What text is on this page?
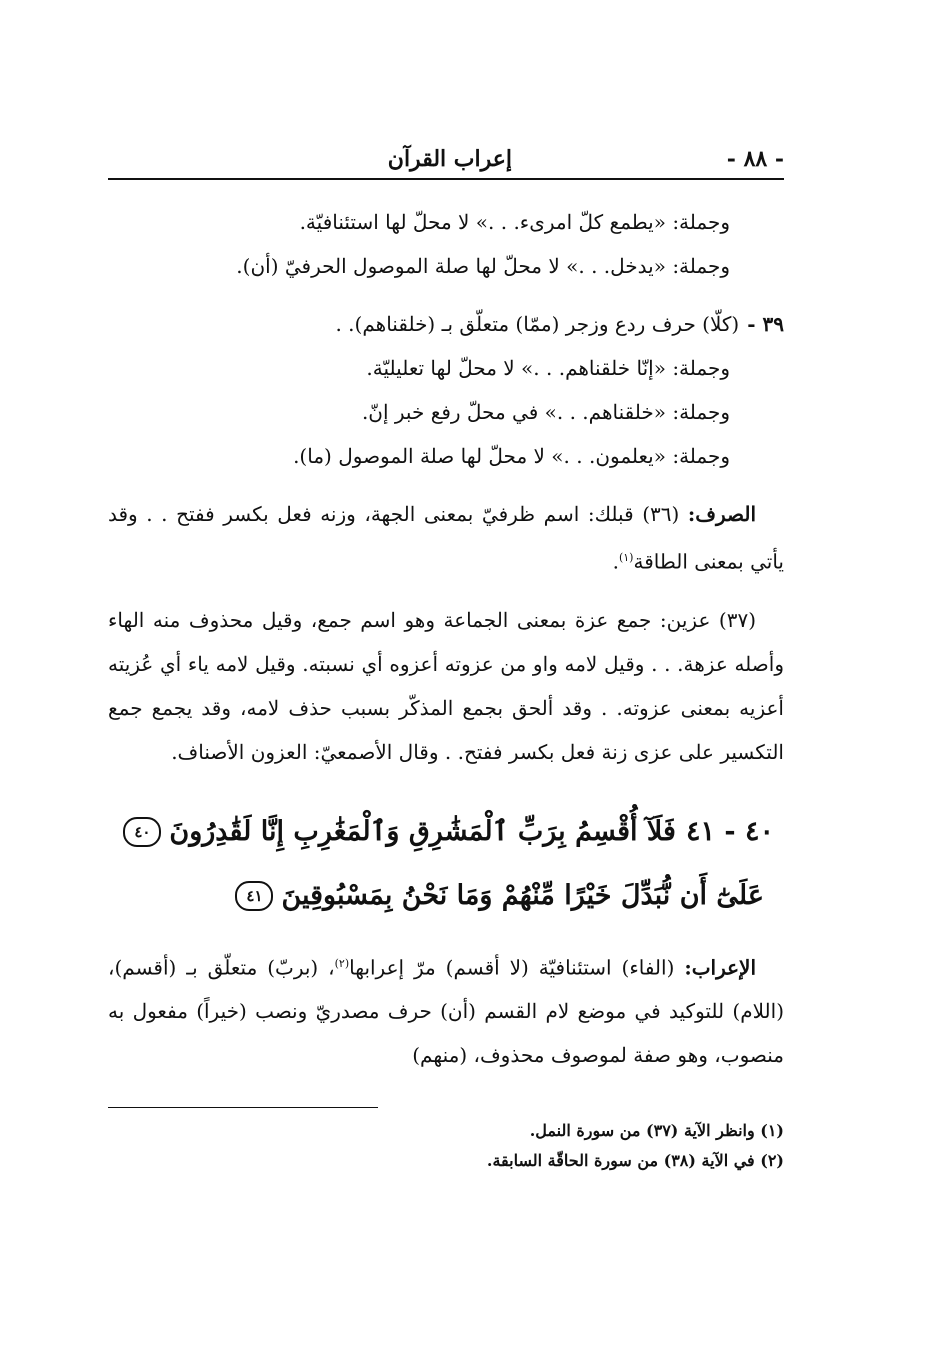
- ٨٨ -
إعراب القرآن

وجملة: «يطمع كلّ امرىء. . .» لا محلّ لها استئنافيّة.

وجملة: «يدخل. . .» لا محلّ لها صلة الموصول الحرفيّ (أن).

٣٩ -(كلّا) حرف ردع وزجر (ممّا) متعلّق بـ (خلقناهم). .

وجملة: «إنّا خلقناهم. . .» لا محلّ لها تعليليّة.

وجملة: «خلقناهم. . .» في محلّ رفع خبر إنّ.

وجملة: «يعلمون. . .» لا محلّ لها صلة الموصول (ما).

الصرف: (٣٦) قبلك: اسم ظرفيّ بمعنى الجهة، وزنه فعل بكسر ففتح . . وقد يأتي بمعنى الطاقة$^{(١)}$.

(٣٧) عزين: جمع عزة بمعنى الجماعة وهو اسم جمع، وقيل محذوف منه الهاء وأصله عزهة. . . وقيل لامه واو من عزوته أعزوه أي نسبته. وقيل لامه ياء أي عُزيته أعزيه بمعنى عزوته. . وقد ألحق بجمع المذكّر بسبب حذف لامه، وقد يجمع جمع التكسير على عزى زنة فعل بكسر ففتح. . وقال الأصمعيّ: العزون الأصناف.

٤٠ - ٤١فَلَآ أُقْسِمُ بِرَبِّ ٱلْمَشَٰرِقِ وَٱلْمَغَٰرِبِ إِنَّا لَقَٰدِرُونَ٤٠
عَلَىٰٓ أَن نُّبَدِّلَ خَيْرًا مِّنْهُمْ وَمَا نَحْنُ بِمَسْبُوقِينَ٤١

الإعراب: (الفاء) استئنافيّة (لا أقسم) مرّ إعرابها$^{(٢)}$، (بربّ) متعلّق بـ (أقسم)، (اللام) للتوكيد في موضع لام القسم (أن) حرف مصدريّ ونصب (خيراً) مفعول به منصوب، وهو صفة لموصوف محذوف، (منهم)

(١) وانظر الآية (٣٧) من سورة النمل.

(٢) في الآية (٣٨) من سورة الحاقّة السابقة.
